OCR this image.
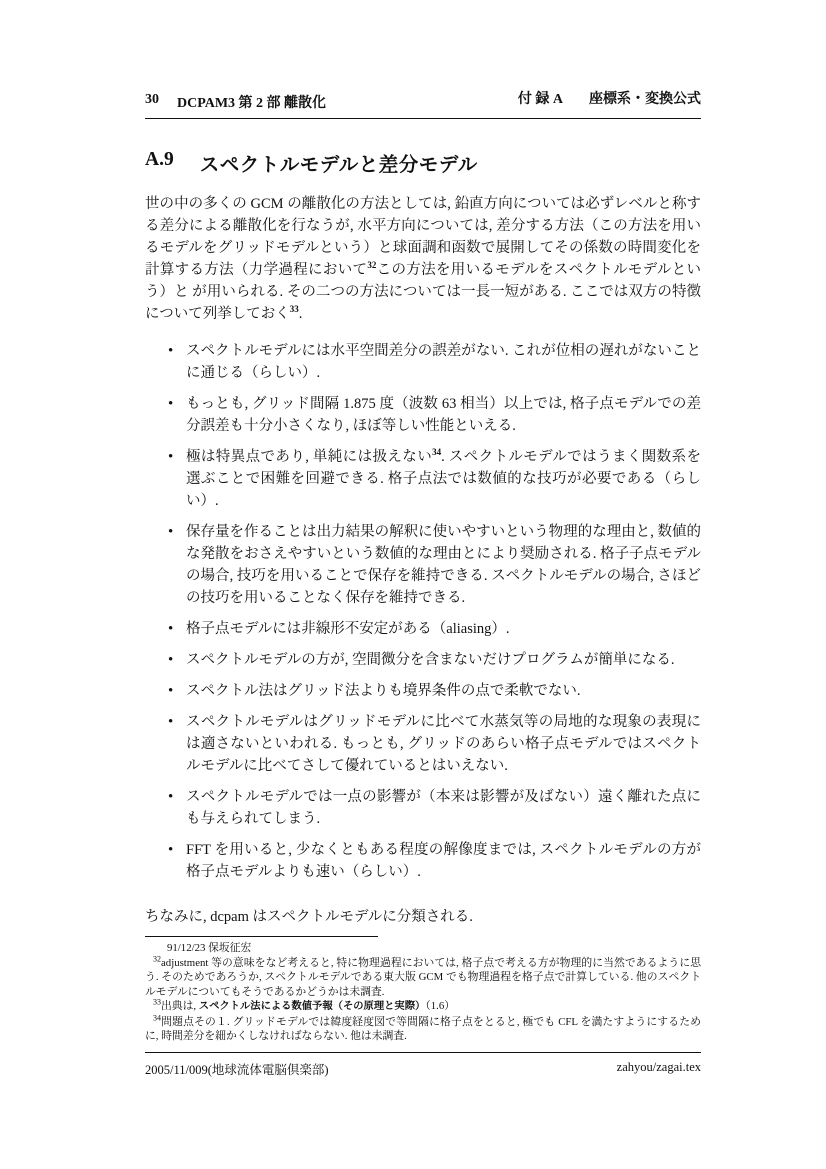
30 DCPAM3 第 2 部 離散化	付 録 A 座標系・変換公式
A.9 スペクトルモデルと差分モデル

世の中の多くの GCM の離散化の方法としては, 鉛直方向については必ずレベルと称する差分による離散化を行なうが, 水平方向については, 差分する方法（この方法を用いるモデルをグリッドモデルという）と球面調和函数で展開してその係数の時間変化を計算する方法（力学過程において$^{32}$この方法を用いるモデルをスペクトルモデルという）と が用いられる. その二つの方法については一長一短がある. ここでは双方の特徴について列挙しておく$^{33}$.

• スペクトルモデルには水平空間差分の誤差がない. これが位相の遅れがないことに通じる（らしい）.
• もっとも, グリッド間隔 1.875 度（波数 63 相当）以上では, 格子点モデルでの差分誤差も十分小さくなり, ほぼ等しい性能といえる.
• 極は特異点であり, 単純には扱えない$^{34}$. スペクトルモデルではうまく関数系を選ぶことで困難を回避できる. 格子点法では数値的な技巧が必要である（らしい）.
• 保存量を作ることは出力結果の解釈に使いやすいという物理的な理由と, 数値的な発散をおさえやすいという数値的な理由とにより奨励される. 格子子点モデルの場合, 技巧を用いることで保存を維持できる. スペクトルモデルの場合, さほどの技巧を用いることなく保存を維持できる.
• 格子点モデルには非線形不安定がある（aliasing）.
• スペクトルモデルの方が, 空間微分を含まないだけプログラムが簡単になる.
• スペクトル法はグリッド法よりも境界条件の点で柔軟でない.
• スペクトルモデルはグリッドモデルに比べて水蒸気等の局地的な現象の表現には適さないといわれる. もっとも, グリッドのあらい格子点モデルではスペクトルモデルに比べてさして優れているとはいえない.
• スペクトルモデルでは一点の影響が（本来は影響が及ばない）遠く離れた点にも与えられてしまう.
• FFT を用いると, 少なくともある程度の解像度までは, スペクトルモデルの方が格子点モデルよりも速い（らしい）.

ちなみに, dcpam はスペクトルモデルに分類される.

91/12/23 保坂征宏
$^{32}$adjustment 等の意味をなど考えると, 特に物理過程においては, 格子点で考える方が物理的に当然であるように思う. そのためであろうか, スペクトルモデルである東大版 GCM でも物理過程を格子点で計算している. 他のスペクトルモデルについてもそうであるかどうかは未調査.
$^{33}$出典は, スペクトル法による数値予報（その原理と実際）（1.6）
$^{34}$問題点その１. グリッドモデルでは緯度経度図で等間隔に格子点をとると, 極でも CFL を満たすようにするために, 時間差分を細かくしなければならない. 他は未調査.
2005/11/009(地球流体電脳倶楽部)	zahyou/zagai.tex
